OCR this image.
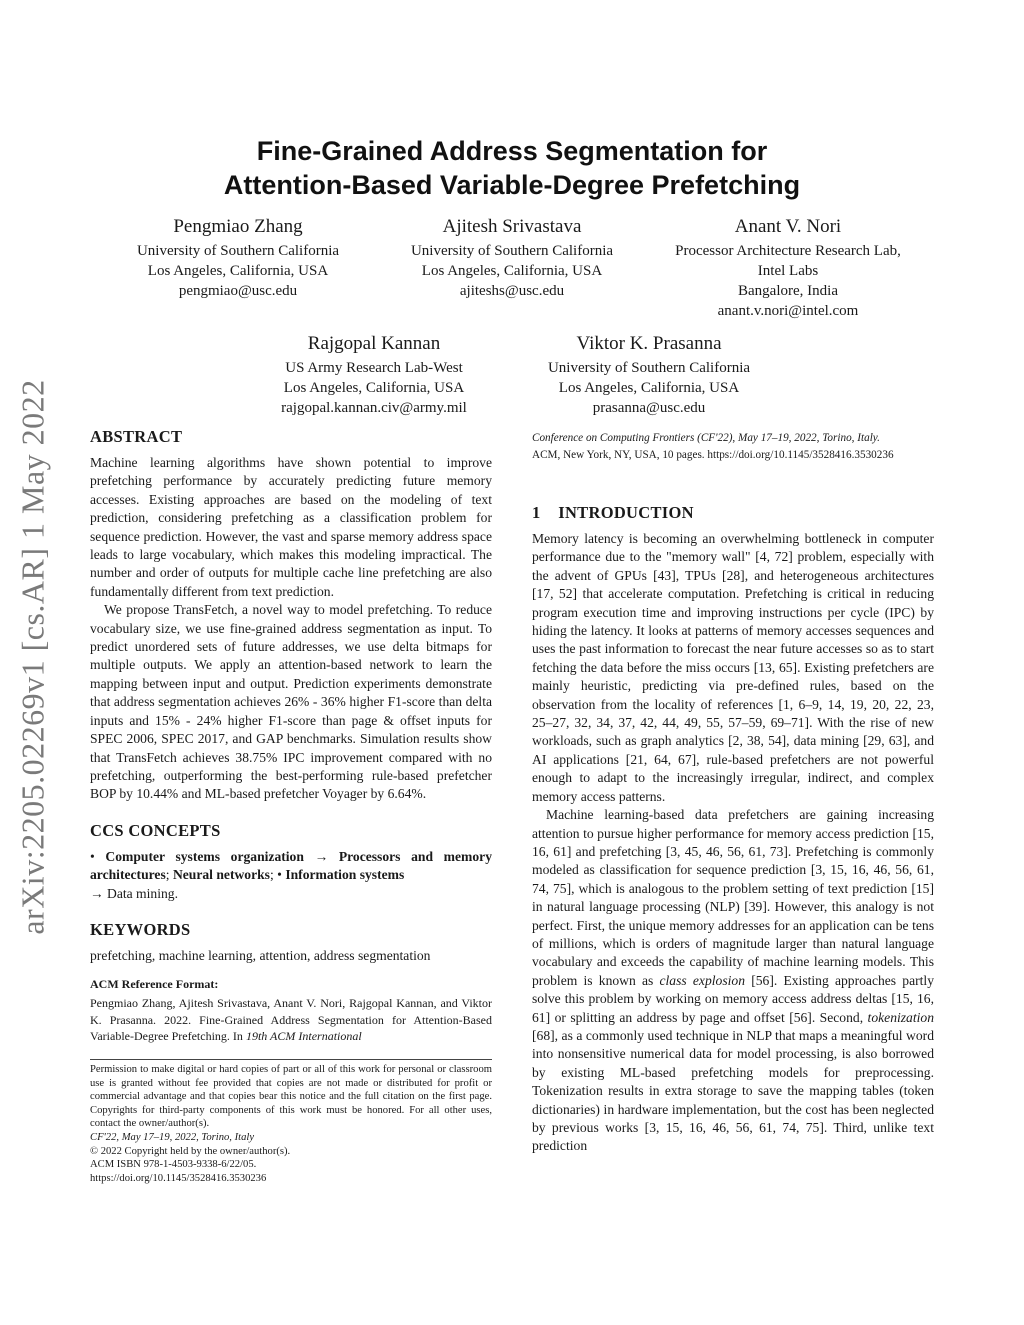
Fine-Grained Address Segmentation for
Attention-Based Variable-Degree Prefetching
arXiv:2205.02269v1 [cs.AR] 1 May 2022
Pengmiao Zhang
University of Southern California
Los Angeles, California, USA
pengmiao@usc.edu
Ajitesh Srivastava
University of Southern California
Los Angeles, California, USA
ajiteshs@usc.edu
Anant V. Nori
Processor Architecture Research Lab,
Intel Labs
Bangalore, India
anant.v.nori@intel.com
Rajgopal Kannan
US Army Research Lab-West
Los Angeles, California, USA
rajgopal.kannan.civ@army.mil
Viktor K. Prasanna
University of Southern California
Los Angeles, California, USA
prasanna@usc.edu

ABSTRACT

Machine learning algorithms have shown potential to improve prefetching performance by accurately predicting future memory accesses. Existing approaches are based on the modeling of text prediction, considering prefetching as a classification problem for sequence prediction. However, the vast and sparse memory address space leads to large vocabulary, which makes this modeling impractical. The number and order of outputs for multiple cache line prefetching are also fundamentally different from text prediction.

We propose TransFetch, a novel way to model prefetching. To reduce vocabulary size, we use fine-grained address segmentation as input. To predict unordered sets of future addresses, we use delta bitmaps for multiple outputs. We apply an attention-based network to learn the mapping between input and output. Prediction experiments demonstrate that address segmentation achieves 26% - 36% higher F1-score than delta inputs and 15% - 24% higher F1-score than page & offset inputs for SPEC 2006, SPEC 2017, and GAP benchmarks. Simulation results show that TransFetch achieves 38.75% IPC improvement compared with no prefetching, outperforming the best-performing rule-based prefetcher BOP by 10.44% and ML-based prefetcher Voyager by 6.64%.

CCS CONCEPTS

• Computer systems organization → Processors and memory architectures; Neural networks; • Information systems
→ Data mining.

KEYWORDS

prefetching, machine learning, attention, address segmentation

ACM Reference Format:

Pengmiao Zhang, Ajitesh Srivastava, Anant V. Nori, Rajgopal Kannan, and Viktor K. Prasanna. 2022. Fine-Grained Address Segmentation for Attention-Based Variable-Degree Prefetching. In 19th ACM International

Permission to make digital or hard copies of part or all of this work for personal or classroom use is granted without fee provided that copies are not made or distributed for profit or commercial advantage and that copies bear this notice and the full citation on the first page. Copyrights for third-party components of this work must be honored. For all other uses, contact the owner/author(s).

CF'22, May 17–19, 2022, Torino, Italy

© 2022 Copyright held by the owner/author(s).

ACM ISBN 978-1-4503-9338-6/22/05.

https://doi.org/10.1145/3528416.3530236

Conference on Computing Frontiers (CF'22), May 17–19, 2022, Torino, Italy.
ACM, New York, NY, USA, 10 pages. https://doi.org/10.1145/3528416.3530236

1    INTRODUCTION

Memory latency is becoming an overwhelming bottleneck in computer performance due to the "memory wall" [4, 72] problem, especially with the advent of GPUs [43], TPUs [28], and heterogeneous architectures [17, 52] that accelerate computation. Prefetching is critical in reducing program execution time and improving instructions per cycle (IPC) by hiding the latency. It looks at patterns of memory accesses sequences and uses the past information to forecast the near future accesses so as to start fetching the data before the miss occurs [13, 65]. Existing prefetchers are mainly heuristic, predicting via pre-defined rules, based on the observation from the locality of references [1, 6–9, 14, 19, 20, 22, 23, 25–27, 32, 34, 37, 42, 44, 49, 55, 57–59, 69–71]. With the rise of new workloads, such as graph analytics [2, 38, 54], data mining [29, 63], and AI applications [21, 64, 67], rule-based prefetchers are not powerful enough to adapt to the increasingly irregular, indirect, and complex memory access patterns.

Machine learning-based data prefetchers are gaining increasing attention to pursue higher performance for memory access prediction [15, 16, 61] and prefetching [3, 45, 46, 56, 61, 73]. Prefetching is commonly modeled as classification for sequence prediction [3, 15, 16, 46, 56, 61, 74, 75], which is analogous to the problem setting of text prediction [15] in natural language processing (NLP) [39]. However, this analogy is not perfect. First, the unique memory addresses for an application can be tens of millions, which is orders of magnitude larger than natural language vocabulary and exceeds the capability of machine learning models. This problem is known as class explosion [56]. Existing approaches partly solve this problem by working on memory access address deltas [15, 16, 61] or splitting an address by page and offset [56]. Second, tokenization [68], as a commonly used technique in NLP that maps a meaningful word into nonsensitive numerical data for model processing, is also borrowed by existing ML-based prefetching models for preprocessing. Tokenization results in extra storage to save the mapping tables (token dictionaries) in hardware implementation, but the cost has been neglected by previous works [3, 15, 16, 46, 56, 61, 74, 75]. Third, unlike text prediction
